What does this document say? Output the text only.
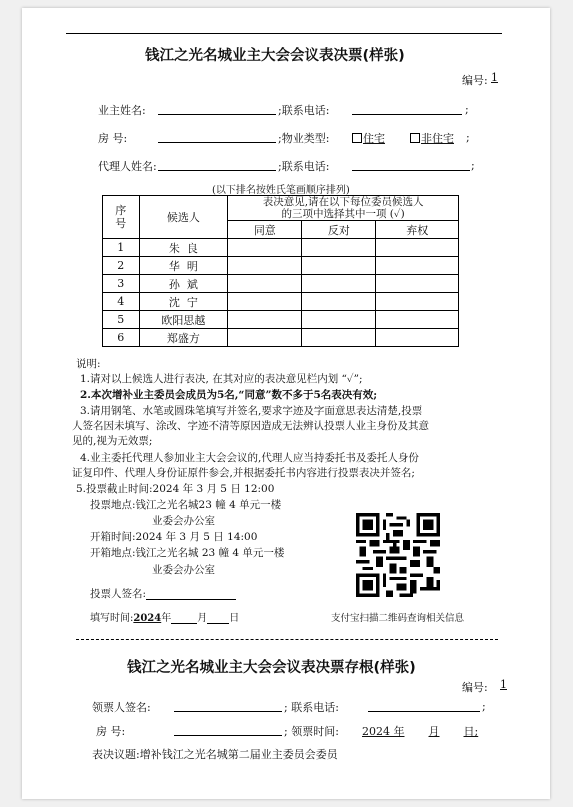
钱江之光名城业主大会会议表决票(样张)
编号: 1
业主姓名:	;联系电话:	;
房 号:	;物业类型:	住宅	非住宅 ;
代理人姓名:	;联系电话:	;
(以下排名按姓氏笔画顺序排列)
序号	候选人	表决意见,请在以下每位委员候选人
的三项中选择其中一项 (✓)		

		同意	反对	弃权
1	朱  良			
2	华  明			
3	孙  斌			
4	沈  宁			
5	欧阳思越			
6	郑盛方			
说明:
1.请对以上候选人进行表决, 在其对应的表决意见栏内划 “✓”;
2.本次增补业主委员会成员为5名,“同意”数不多于5名表决有效;
3.请用钢笔、水笔或圆珠笔填写并签名,要求字迹及字面意思表达清楚,投票
人签名因未填写、涂改、字迹不清等原因造成无法辨认投票人业主身份及其意
见的,视为无效票;
4.业主委托代理人参加业主大会会议的,代理人应当持委托书及委托人身份
证复印件、代理人身份证原件参会,并根据委托书内容进行投票表决并签名;
5.投票截止时间:2024 年 3 月 5 日 12:00
投票地点:钱江之光名城23 幢 4 单元一楼
业委会办公室
开箱时间:2024 年 3 月 5 日 14:00
开箱地点:钱江之光名城 23 幢 4 单元一楼
业委会办公室
投票人签名:
填写时间:2024年	月 日	支付宝扫描二维码查询相关信息
钱江之光名城业主大会会议表决票存根(样张)
编号: 1
领票人签名:	; 联系电话:	;
房 号:	; 领票时间: 2024 年 月 日;
表决议题:增补钱江之光名城第二届业主委员会委员
